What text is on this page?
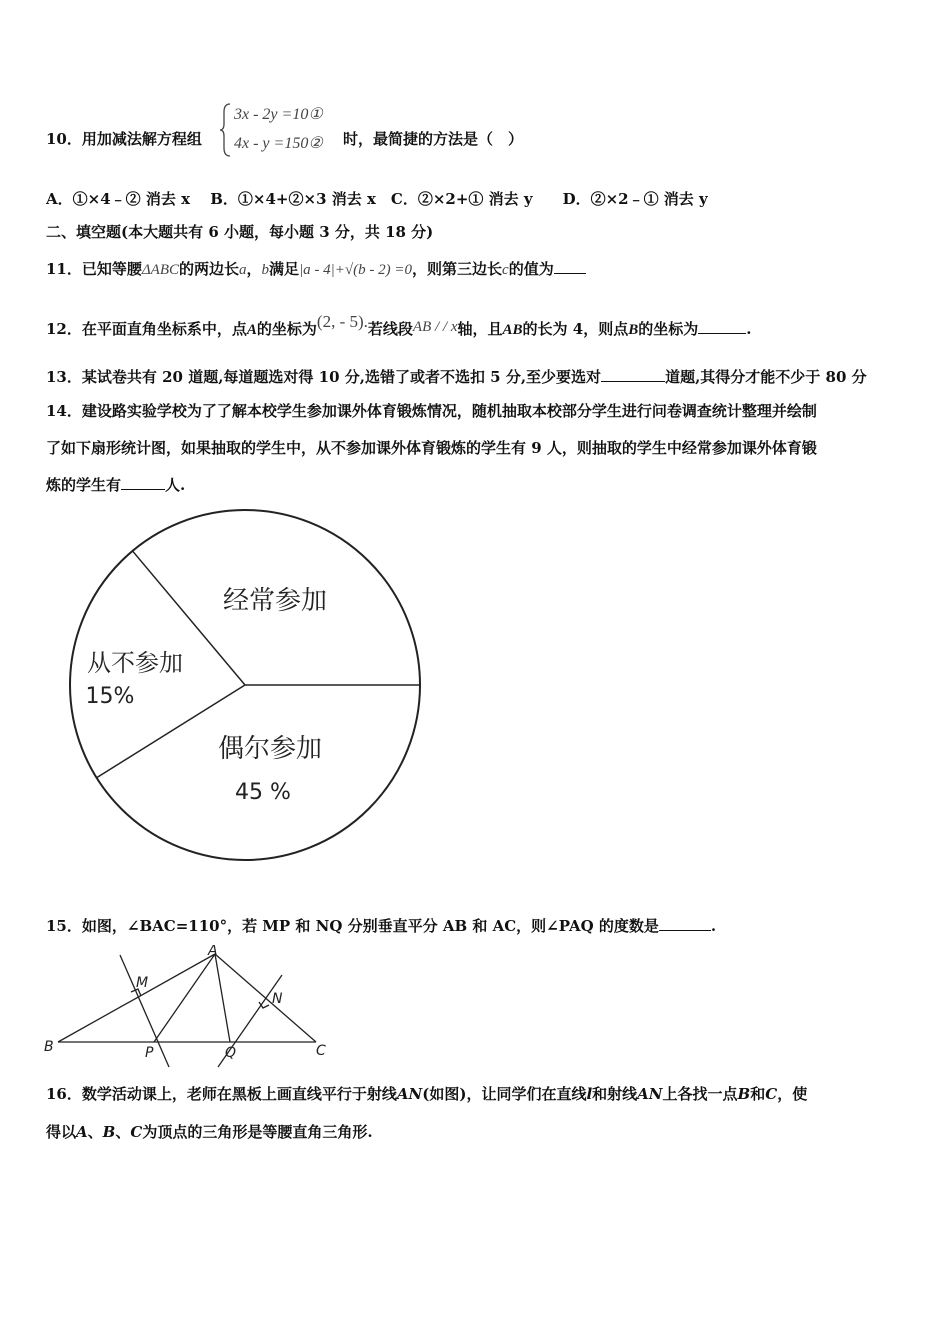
10．用加减法解方程组
3x - 2y =10①
4x - y =150② 时，最简捷的方法是（　）
A．①×4﹣② 消去 x　 B．①×4+②×3 消去 x　C．②×2+① 消去 y　　D．②×2﹣① 消去 y
二、填空题(本大题共有 6 小题，每小题 3 分，共 18 分)
11．已知等腰ΔABC的两边长a，b满足|a - 4|+√(b - 2) =0，则第三边长c的值为
12．在平面直角坐标系中，点A的坐标为(2, - 5).若线段AB / / x轴，且AB的长为 4，则点B的坐标为	.
13．某试卷共有 20 道题,每道题选对得 10 分,选错了或者不选扣 5 分,至少要选对	道题,其得分才能不少于 80 分
14．建设路实验学校为了了解本校学生参加课外体育锻炼情况，随机抽取本校部分学生进行问卷调查统计整理并绘制
了如下扇形统计图，如果抽取的学生中，从不参加课外体育锻炼的学生有 9 人，则抽取的学生中经常参加课外体育锻
炼的学生有	人.
经常参加
从不参加
15%
偶尔参加
45 %
15．如图，∠BAC=110°，若 MP 和 NQ 分别垂直平分 AB 和 AC，则∠PAQ 的度数是	.
A
B	C
M
N
P	Q
16．数学活动课上，老师在黑板上画直线平行于射线AN(如图)，让同学们在直线l和射线AN上各找一点B和C，使
得以A、B、C为顶点的三角形是等腰直角三角形.
